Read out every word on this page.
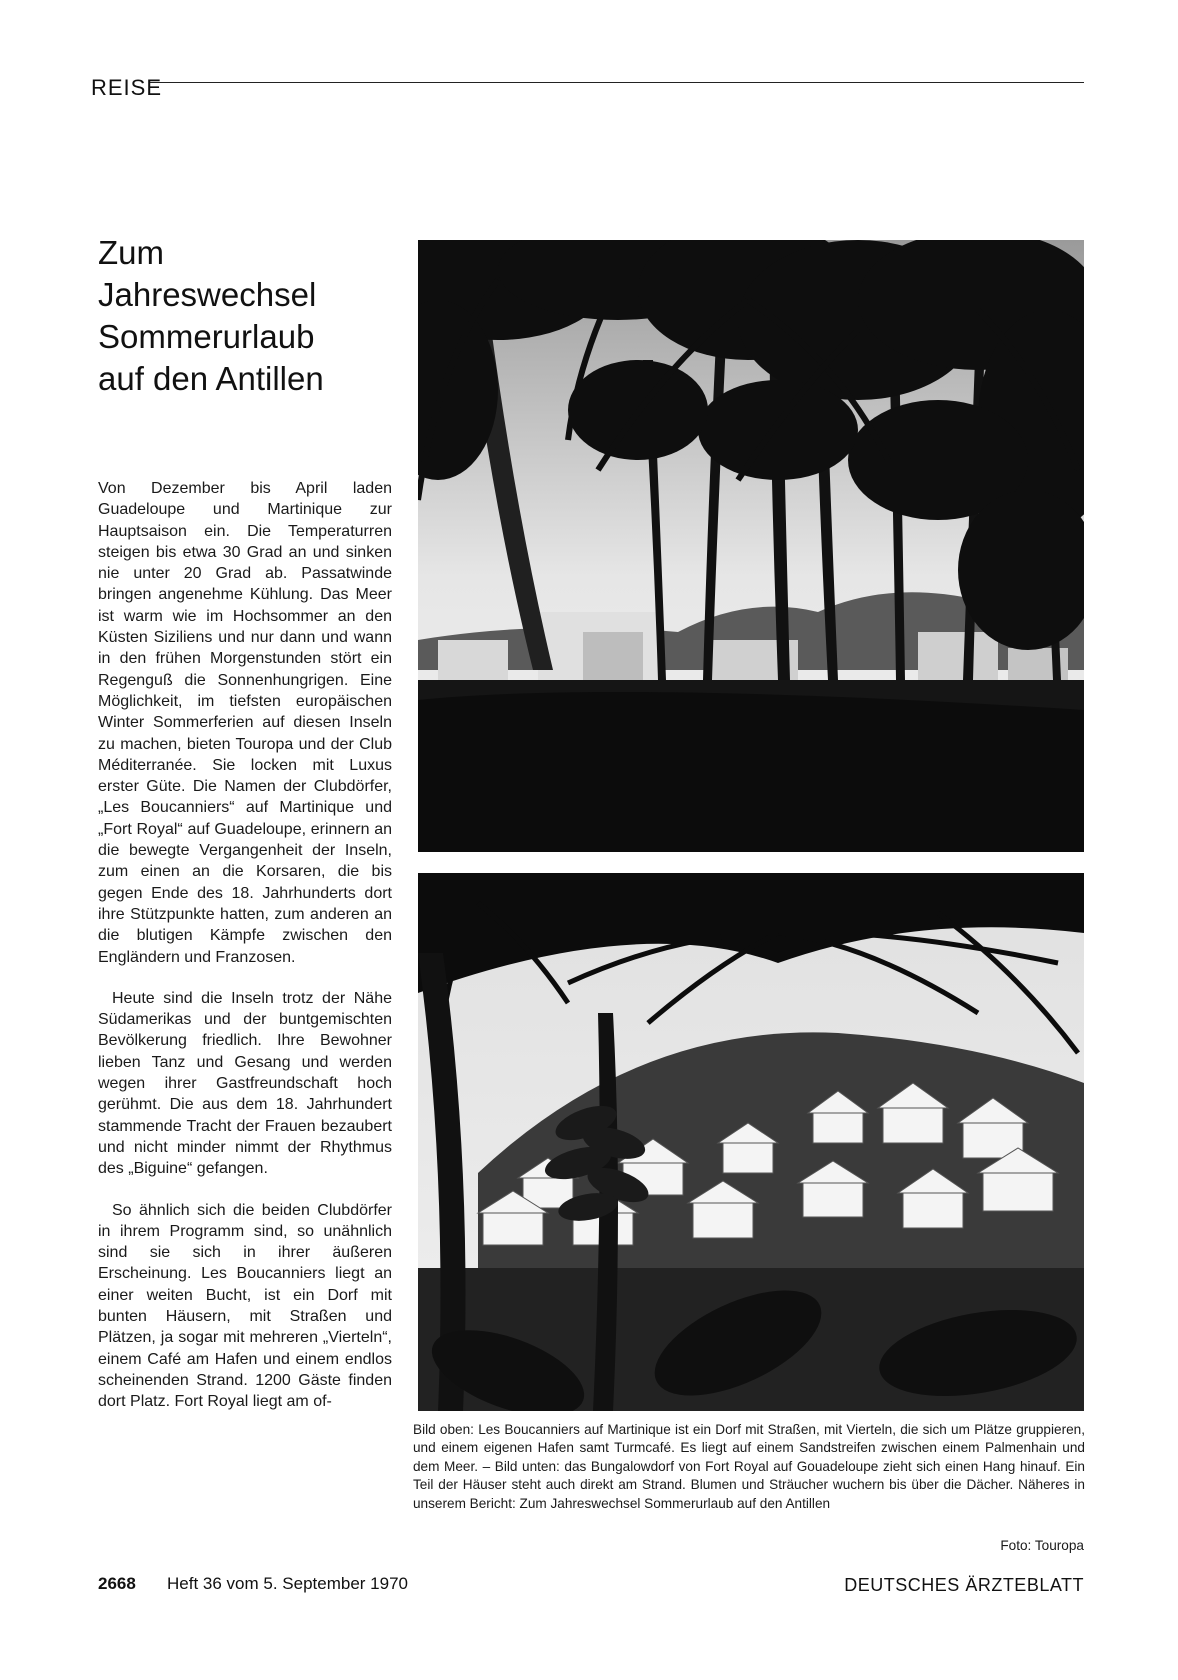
REISE
Zum
Jahreswechsel
Sommerurlaub
auf den Antillen

Von Dezember bis April laden Guadeloupe und Martinique zur Hauptsaison ein. Die Temperaturren steigen bis etwa 30 Grad an und sinken nie unter 20 Grad ab. Passatwinde bringen angenehme Kühlung. Das Meer ist warm wie im Hochsommer an den Küsten Siziliens und nur dann und wann in den frühen Morgenstunden stört ein Regenguß die Sonnenhungrigen. Eine Möglichkeit, im tiefsten europäischen Winter Sommerferien auf diesen Inseln zu machen, bieten Touropa und der Club Méditerranée. Sie locken mit Luxus erster Güte. Die Namen der Clubdörfer, „Les Boucanniers“ auf Martinique und „Fort Royal“ auf Guadeloupe, erinnern an die bewegte Vergangenheit der Inseln, zum einen an die Korsaren, die bis gegen Ende des 18. Jahrhunderts dort ihre Stützpunkte hatten, zum anderen an die blutigen Kämpfe zwischen den Engländern und Franzosen.

Heute sind die Inseln trotz der Nähe Südamerikas und der buntgemischten Bevölkerung friedlich. Ihre Bewohner lieben Tanz und Gesang und werden wegen ihrer Gastfreundschaft hoch gerühmt. Die aus dem 18. Jahrhundert stammende Tracht der Frauen bezaubert und nicht minder nimmt der Rhythmus des „Biguine“ gefangen.

So ähnlich sich die beiden Clubdörfer in ihrem Programm sind, so unähnlich sind sie sich in ihrer äußeren Erscheinung. Les Boucanniers liegt an einer weiten Bucht, ist ein Dorf mit bunten Häusern, mit Straßen und Plätzen, ja sogar mit mehreren „Vierteln“, einem Café am Hafen und einem endlos scheinenden Strand. 1200 Gäste finden dort Platz. Fort Royal liegt am of-

Bild oben: Les Boucanniers auf Martinique ist ein Dorf mit Straßen, mit Vierteln, die sich um Plätze gruppieren, und einem eigenen Hafen samt Turmcafé. Es liegt auf einem Sandstreifen zwischen einem Palmenhain und dem Meer. – Bild unten: das Bungalowdorf von Fort Royal auf Gouadeloupe zieht sich einen Hang hinauf. Ein Teil der Häuser steht auch direkt am Strand. Blumen und Sträucher wuchern bis über die Dächer. Näheres in unserem Bericht: Zum Jahreswechsel Sommerurlaub auf den Antillen
Foto: Touropa
2668 Heft 36 vom 5. September 1970	DEUTSCHES ÄRZTEBLATT
